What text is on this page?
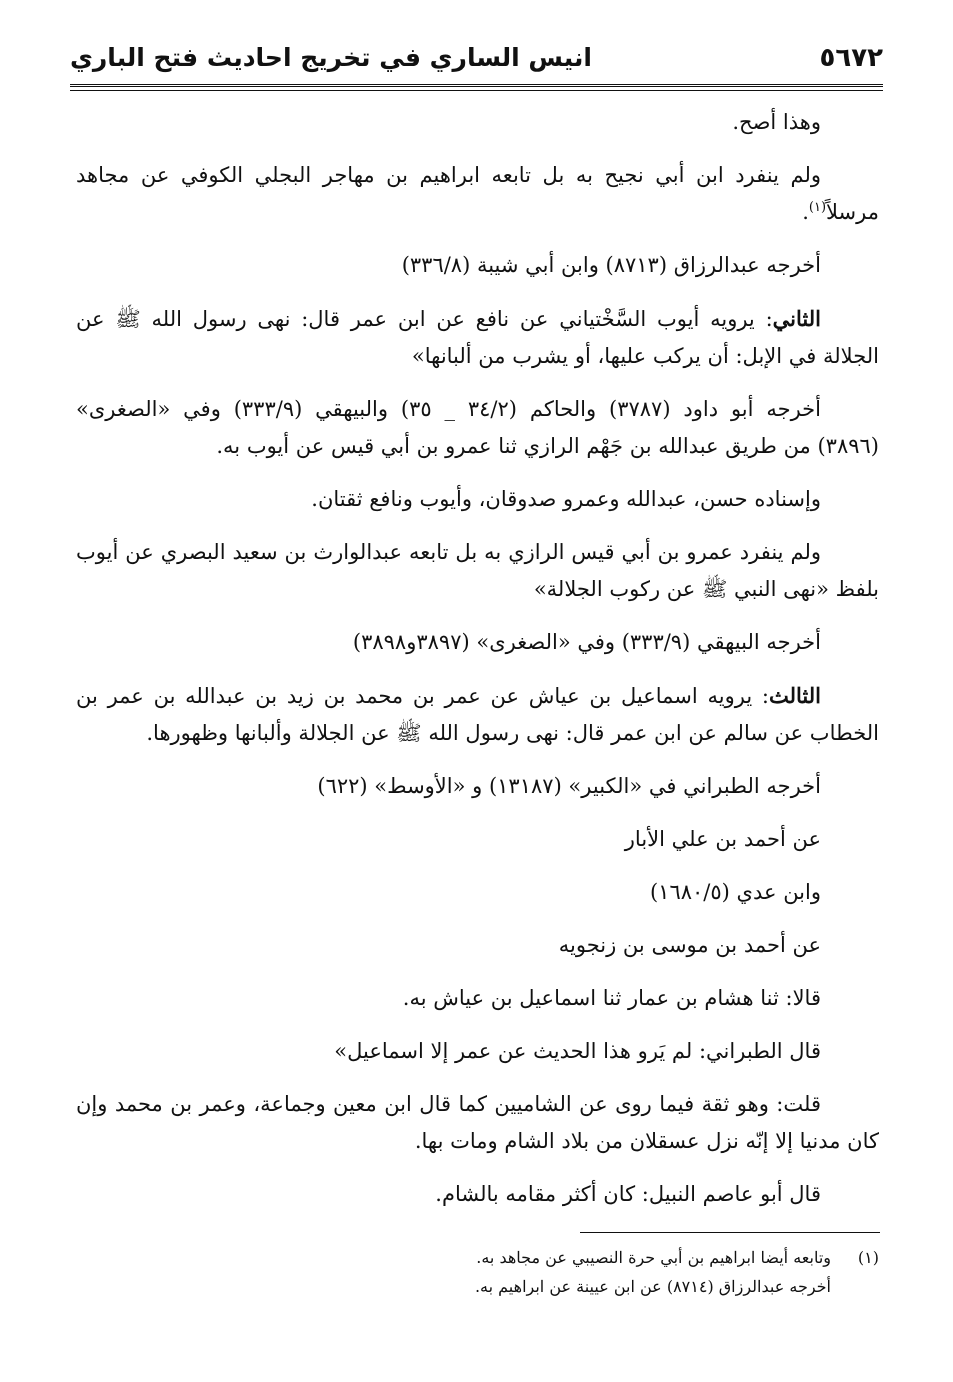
٥٦٧٢
انيس الساري في تخريج احاديث فتح الباري

وهذا أصح.

ولم ينفرد ابن أبي نجيح به بل تابعه ابراهيم بن مهاجر البجلي الكوفي عن مجاهد مرسلاً$^{(١)}$.

أخرجه عبدالرزاق (٨٧١٣) وابن أبي شيبة (٣٣٦/٨)

الثاني: يرويه أيوب السَّخْتياني عن نافع عن ابن عمر قال: نهى رسول الله ﷺ عن الجلالة في الإبل: أن يركب عليها، أو يشرب من ألبانها»

أخرجه أبو داود (٣٧٨٧) والحاكم (٣٤/٢ _ ٣٥) والبيهقي (٣٣٣/٩) وفي «الصغرى» (٣٨٩٦) من طريق عبدالله بن جَهْم الرازي ثنا عمرو بن أبي قيس عن أيوب به.

وإسناده حسن، عبدالله وعمرو صدوقان، وأيوب ونافع ثقتان.

ولم ينفرد عمرو بن أبي قيس الرازي به بل تابعه عبدالوارث بن سعيد البصري عن أيوب بلفظ «نهى النبي ﷺ عن ركوب الجلالة»

أخرجه البيهقي (٣٣٣/٩) وفي «الصغرى» (٣٨٩٧و٣٨٩٨)

الثالث: يرويه اسماعيل بن عياش عن عمر بن محمد بن زيد بن عبدالله بن عمر بن الخطاب عن سالم عن ابن عمر قال: نهى رسول الله ﷺ عن الجلالة وألبانها وظهورها.

أخرجه الطبراني في «الكبير» (١٣١٨٧) و «الأوسط» (٦٢٢)

عن أحمد بن علي الأبار

وابن عدي (١٦٨٠/٥)

عن أحمد بن موسى بن زنجويه

قالا: ثنا هشام بن عمار ثنا اسماعيل بن عياش به.

قال الطبراني: لم يَرو هذا الحديث عن عمر إلا اسماعيل»

قلت: وهو ثقة فيما روى عن الشاميين كما قال ابن معين وجماعة، وعمر بن محمد وإن كان مدنيا إلا إنّه نزل عسقلان من بلاد الشام ومات بها.

قال أبو عاصم النبيل: كان أكثر مقامه بالشام.

(١)وتابعه أيضا ابراهيم بن أبي حرة النصيبي عن مجاهد به.

أخرجه عبدالرزاق (٨٧١٤) عن ابن عيينة عن ابراهيم به.
